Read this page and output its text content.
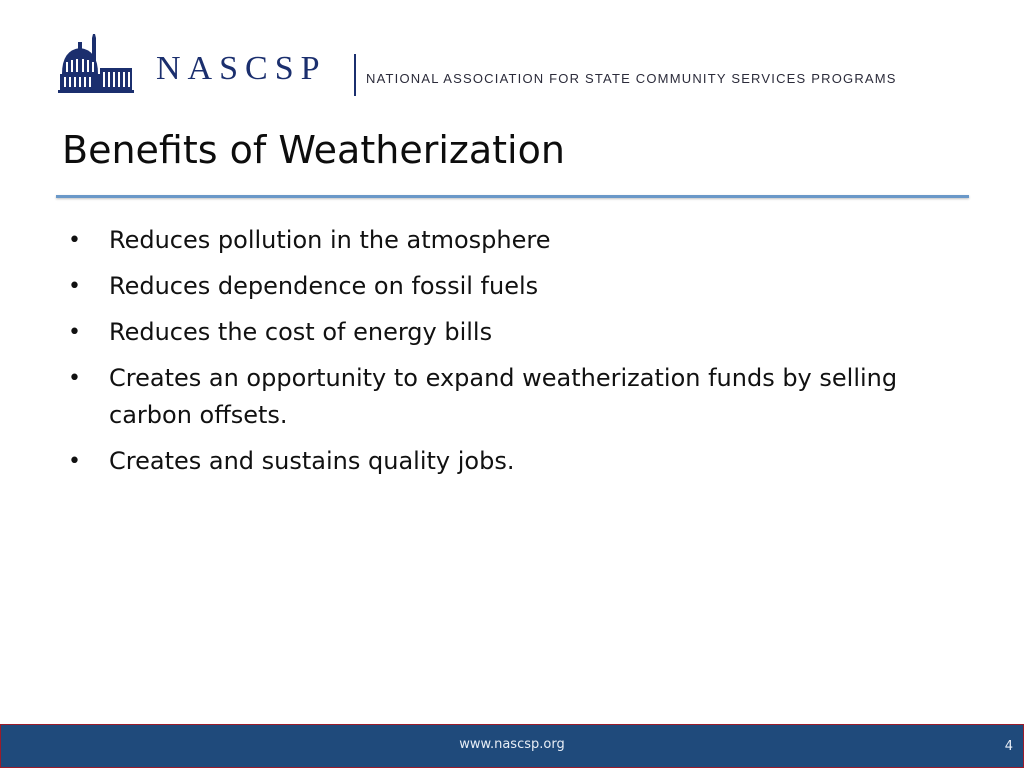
NASCSP	NATIONAL ASSOCIATION FOR STATE COMMUNITY SERVICES PROGRAMS
Benefits of Weatherization
• Reduces pollution in the atmosphere
• Reduces dependence on fossil fuels
• Reduces the cost of energy bills
• Creates an opportunity to expand weatherization funds by selling carbon offsets.
• Creates and sustains quality jobs.
www.nascsp.org	4
